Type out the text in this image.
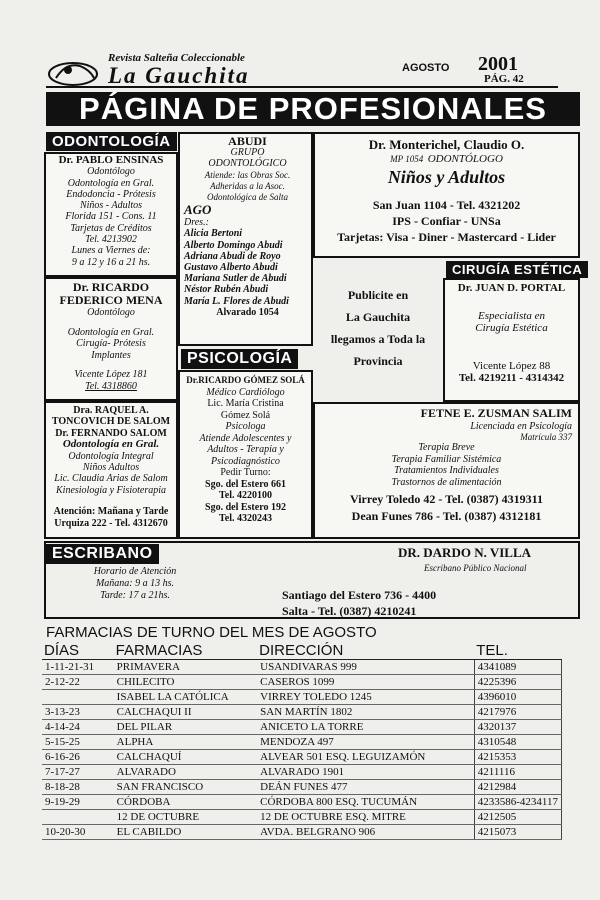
Revista Salteña Coleccionable
La Gauchita	AGOSTO 2001
PÁG. 42
PÁGINA DE PROFESIONALES
ODONTOLOGÍA
Dr. PABLO ENSINAS
Odontólogo
Odontología en Gral.
Endodoncia - Prótesis
Niños - Adultos
Florida 151 - Cons. 11
Tarjetas de Créditos
Tel. 4213902
Lunes a Viernes de:
9 a 12 y 16 a 21 hs.
Dr. RICARDO
FEDERICO MENA
Odontólogo
Odontología en Gral.
Cirugía- Prótesis
Implantes
Vicente López 181
Tel. 4318860
Dra. RAQUEL A.
TONCOVICH DE SALOM
Dr. FERNANDO SALOM
Odontología en Gral.
Odontología Integral
Niños Adultos
Lic. Claudia Arias de Salom
Kinesiología y Fisioterapia
Atención: Mañana y Tarde
Urquiza 222 - Tel. 4312670
ABUDI
GRUPO
ODONTOLÓGICO
Atiende: las Obras Soc.
Adheridas a la Asoc.
Odontológica de Salta
AGO
Dres.:
Alicia Bertoni
Alberto Domingo Abudi
Adriana Abudi de Royo
Gustavo Alberto Abudi
Mariana Sutler de Abudi
Néstor Rubén Abudi
María L. Flores de Abudi
Alvarado 1054
Dr. Monterichel, Claudio O.
MP 1054 ODONTÓLOGO
Niños y Adultos
San Juan 1104 - Tel. 4321202
IPS - Confiar - UNSa
Tarjetas: Visa - Diner - Mastercard - Lider
Publicite en
La Gauchita
llegamos a Toda la
Provincia
CIRUGÍA ESTÉTICA
Dr. JUAN D. PORTAL
Especialista en
Cirugía Estética
Vicente López 88
Tel. 4219211 - 4314342
PSICOLOGÍA
Dr.RICARDO GÓMEZ SOLÁ
Médico Cardiólogo
Lic. María Cristina
Gómez Solá
Psicologa
Atiende Adolescentes y
Adultos - Terapia y
Psicodiagnóstico
Pedir Turno:
Sgo. del Estero 661
Tel. 4220100
Sgo. del Estero 192
Tel. 4320243
FETNE E. ZUSMAN SALIM
Licenciada en Psicología
Matrícula 337
Terapia Breve
Terapia Familiar Sistémica
Tratamientos Individuales
Trastornos de alimentación
Virrey Toledo 42 - Tel. (0387) 4319311
Dean Funes 786 - Tel. (0387) 4312181
ESCRIBANO
Horario de Atención
Mañana: 9 a 13 hs.
Tarde: 17 a 21hs.
DR. DARDO N. VILLA
Escribano Público Nacional
Santiago del Estero 736 - 4400
Salta - Tel. (0387) 4210241
FARMACIAS DE TURNO DEL MES DE AGOSTO
DÍAS	FARMACIAS	DIRECCIÓN	TEL.
1-11-21-31	PRIMAVERA	USANDIVARAS 999	4341089
2-12-22	CHILECITO	CASEROS 1099	4225396
	ISABEL LA CATÓLICA	VIRREY TOLEDO 1245	4396010
3-13-23	CALCHAQUI II	SAN MARTÍN 1802	4217976
4-14-24	DEL PILAR	ANICETO LA TORRE	4320137
5-15-25	ALPHA	MENDOZA 497	4310548
6-16-26	CALCHAQUÍ	ALVEAR 501 ESQ. LEGUIZAMÓN	4215353
7-17-27	ALVARADO	ALVARADO 1901	4211116
8-18-28	SAN FRANCISCO	DEÁN FUNES 477	4212984
9-19-29	CÓRDOBA	CÓRDOBA 800 ESQ. TUCUMÁN	4233586-4234117
	12 DE OCTUBRE	12 DE OCTUBRE ESQ. MITRE	4212505
10-20-30	EL CABILDO	AVDA. BELGRANO 906	4215073
